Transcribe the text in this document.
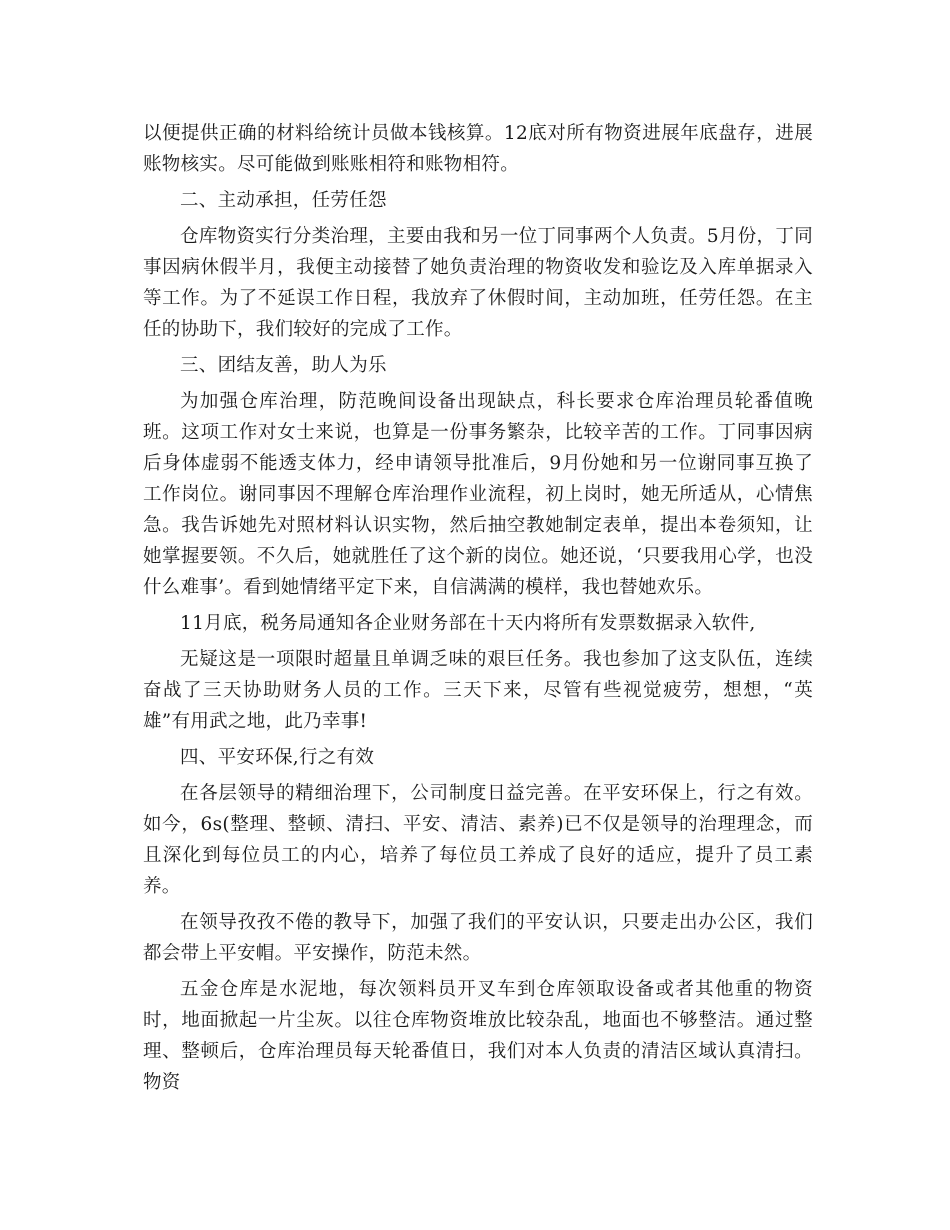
以便提供正确的材料给统计员做本钱核算。12底对所有物资进展年底盘存，进展账物核实。尽可能做到账账相符和账物相符。

二、主动承担，任劳任怨

仓库物资实行分类治理，主要由我和另一位丁同事两个人负责。5月份，丁同事因病休假半月，我便主动接替了她负责治理的物资收发和验讫及入库单据录入等工作。为了不延误工作日程，我放弃了休假时间，主动加班，任劳任怨。在主任的协助下，我们较好的完成了工作。

三、团结友善，助人为乐

为加强仓库治理，防范晚间设备出现缺点，科长要求仓库治理员轮番值晚班。这项工作对女士来说，也算是一份事务繁杂，比较辛苦的工作。丁同事因病后身体虚弱不能透支体力，经申请领导批准后，9月份她和另一位谢同事互换了工作岗位。谢同事因不理解仓库治理作业流程，初上岗时，她无所适从，心情焦急。我告诉她先对照材料认识实物，然后抽空教她制定表单，提出本卷须知，让她掌握要领。不久后，她就胜任了这个新的岗位。她还说，‘只要我用心学，也没什么难事’。看到她情绪平定下来，自信满满的模样，我也替她欢乐。

11月底，税务局通知各企业财务部在十天内将所有发票数据录入软件,

无疑这是一项限时超量且单调乏味的艰巨任务。我也参加了这支队伍，连续奋战了三天协助财务人员的工作。三天下来，尽管有些视觉疲劳，想想，“英雄”有用武之地，此乃幸事!

四、平安环保,行之有效

在各层领导的精细治理下，公司制度日益完善。在平安环保上，行之有效。如今，6s(整理、整顿、清扫、平安、清洁、素养)已不仅是领导的治理理念，而且深化到每位员工的内心，培养了每位员工养成了良好的适应，提升了员工素养。

在领导孜孜不倦的教导下，加强了我们的平安认识，只要走出办公区，我们都会带上平安帽。平安操作，防范未然。

五金仓库是水泥地，每次领料员开叉车到仓库领取设备或者其他重的物资时，地面掀起一片尘灰。以往仓库物资堆放比较杂乱，地面也不够整洁。通过整理、整顿后，仓库治理员每天轮番值日，我们对本人负责的清洁区域认真清扫。物资
